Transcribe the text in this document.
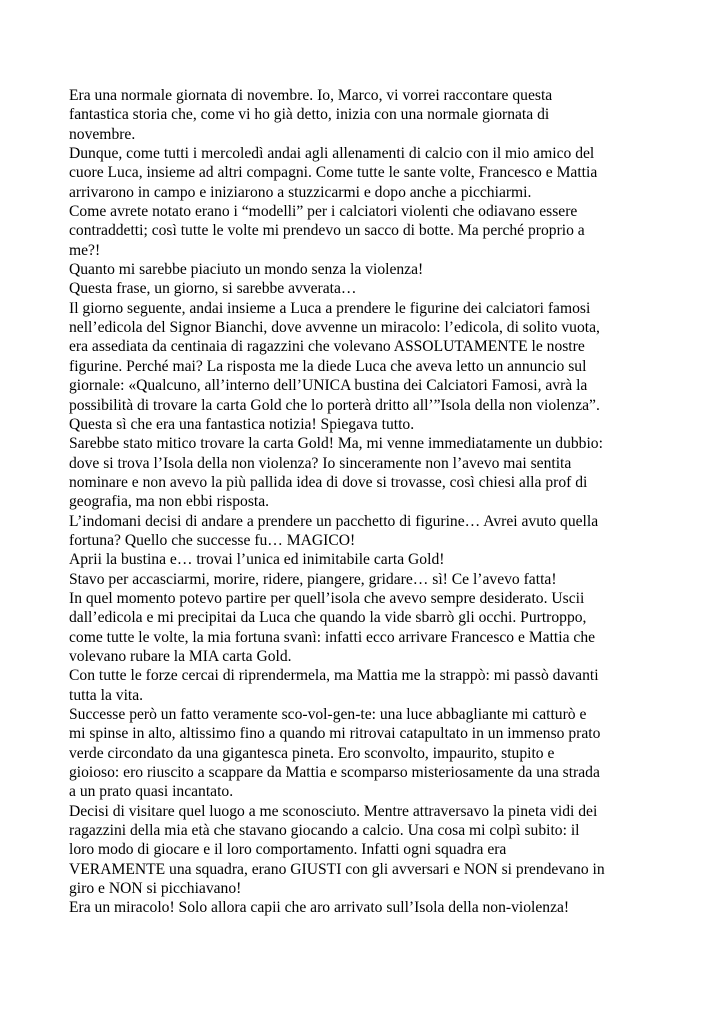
Era una normale giornata di novembre. Io, Marco, vi vorrei raccontare questa
fantastica storia che, come vi ho già detto, inizia con una normale giornata di
novembre.
Dunque, come tutti i mercoledì andai agli allenamenti di calcio con il mio amico del
cuore Luca, insieme ad altri compagni. Come tutte le sante volte, Francesco e Mattia
arrivarono in campo e iniziarono a stuzzicarmi e dopo anche a picchiarmi.
Come avrete notato erano i “modelli” per i calciatori violenti che odiavano essere
contraddetti; così tutte le volte mi prendevo un sacco di botte. Ma perché proprio a
me?!
Quanto mi sarebbe piaciuto un mondo senza la violenza!
Questa frase, un giorno, si sarebbe avverata…
Il giorno seguente, andai insieme a Luca a prendere le figurine dei calciatori famosi
nell’edicola del Signor Bianchi, dove avvenne un miracolo: l’edicola, di solito vuota,
era assediata da centinaia di ragazzini che volevano ASSOLUTAMENTE le nostre
figurine. Perché mai? La risposta me la diede Luca che aveva letto un annuncio sul
giornale: «Qualcuno, all’interno dell’UNICA bustina dei Calciatori Famosi, avrà la
possibilità di trovare la carta Gold che lo porterà dritto all’”Isola della non violenza”.
Questa sì che era una fantastica notizia! Spiegava tutto.
Sarebbe stato mitico trovare la carta Gold! Ma, mi venne immediatamente un dubbio:
dove si trova l’Isola della non violenza? Io sinceramente non l’avevo mai sentita
nominare e non avevo la più pallida idea di dove si trovasse, così chiesi alla prof di
geografia, ma non ebbi risposta.
L’indomani decisi di andare a prendere un pacchetto di figurine… Avrei avuto quella
fortuna? Quello che successe fu… MAGICO!
Aprii la bustina e… trovai l’unica ed inimitabile carta Gold!
Stavo per accasciarmi, morire, ridere, piangere, gridare… sì! Ce l’avevo fatta!
In quel momento potevo partire per quell’isola che avevo sempre desiderato. Uscii
dall’edicola e mi precipitai da Luca che quando la vide sbarrò gli occhi. Purtroppo,
come tutte le volte, la mia fortuna svanì: infatti ecco arrivare Francesco e Mattia che
volevano rubare la MIA carta Gold.
Con tutte le forze cercai di riprendermela, ma Mattia me la strappò: mi passò davanti
tutta la vita.
Successe però un fatto veramente sco-vol-gen-te: una luce abbagliante mi catturò e
mi spinse in alto, altissimo fino a quando mi ritrovai catapultato in un immenso prato
verde circondato da una gigantesca pineta. Ero sconvolto, impaurito, stupito e
gioioso: ero riuscito a scappare da Mattia e scomparso misteriosamente da una strada
a un prato quasi incantato.
Decisi di visitare quel luogo a me sconosciuto. Mentre attraversavo la pineta vidi dei
ragazzini della mia età che stavano giocando a calcio. Una cosa mi colpì subito: il
loro modo di giocare e il loro comportamento. Infatti ogni squadra era
VERAMENTE una squadra, erano GIUSTI con gli avversari e NON si prendevano in
giro e NON si picchiavano!
Era un miracolo! Solo allora capii che aro arrivato sull’Isola della non-violenza!
